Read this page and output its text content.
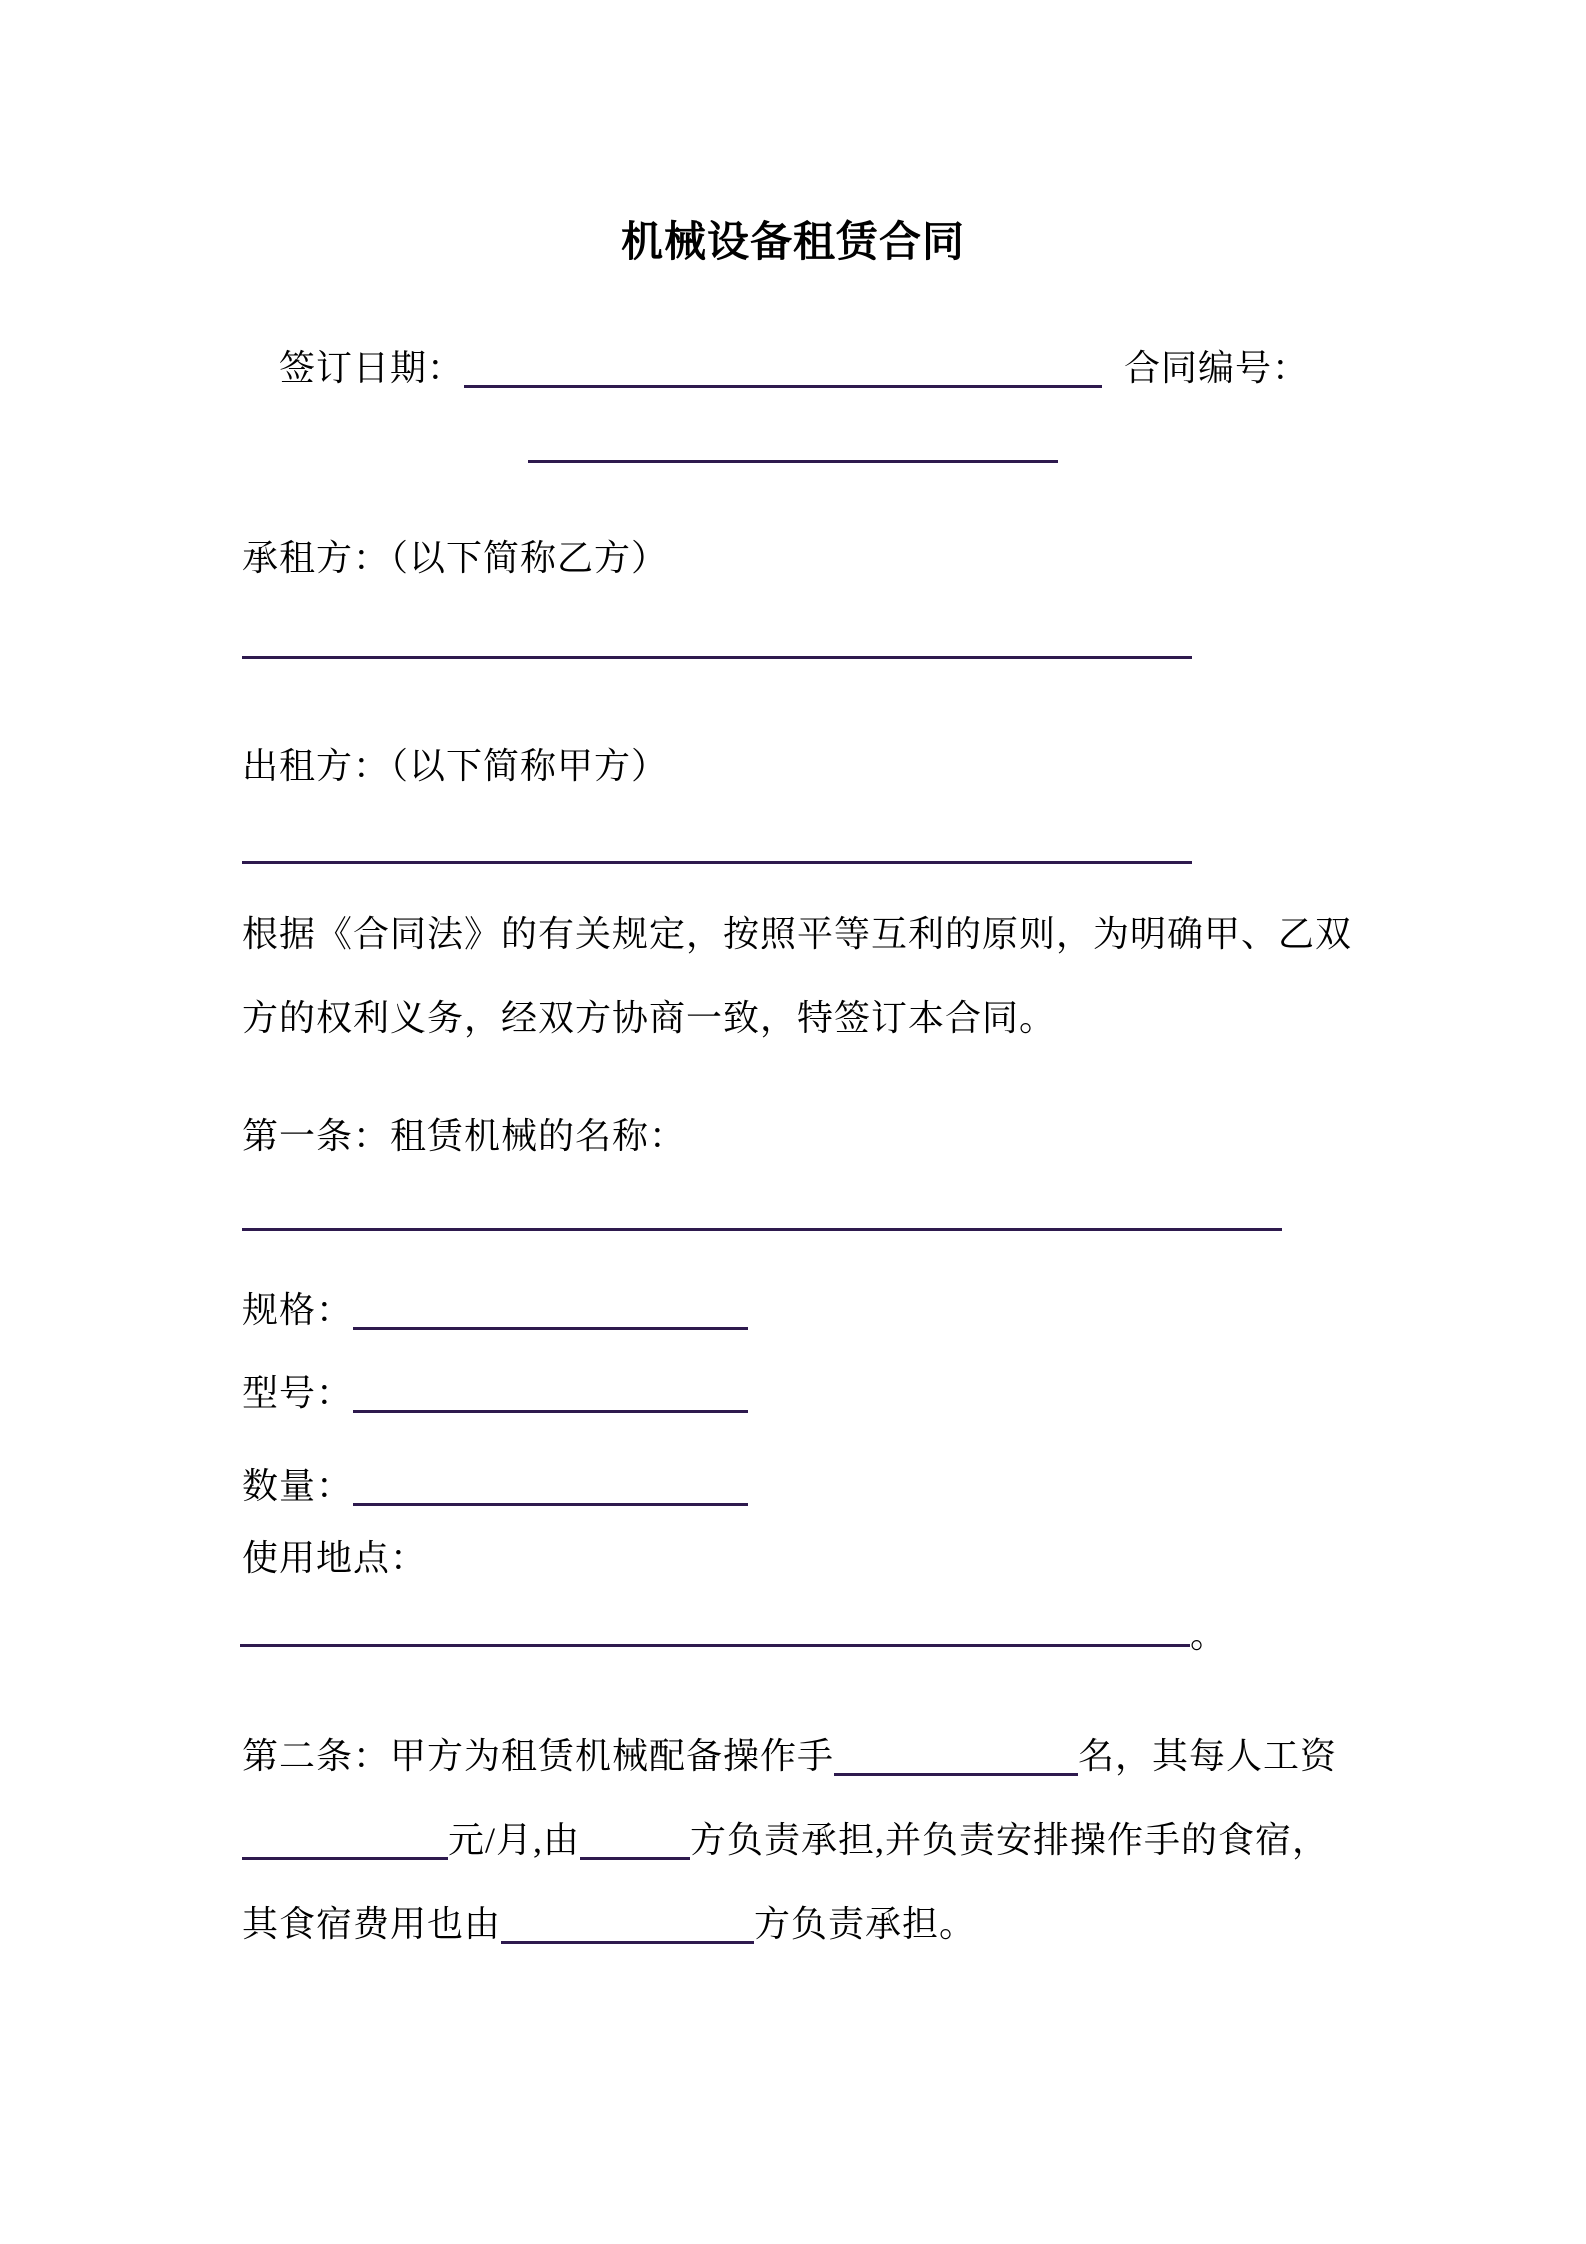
机械设备租赁合同
签订日期：	合同编号：
承租方：（以下简称乙方）
出租方：（以下简称甲方）
根据《合同法》的有关规定，按照平等互利的原则，为明确甲、乙双
方的权利义务，经双方协商一致，特签订本合同。
第一条：租赁机械的名称：
规格：
型号：
数量：
使用地点：
。
第二条：甲方为租赁机械配备操作手	名，其每人工资
元/月,由	方负责承担,并负责安排操作手的食宿，
其食宿费用也由	方负责承担。
